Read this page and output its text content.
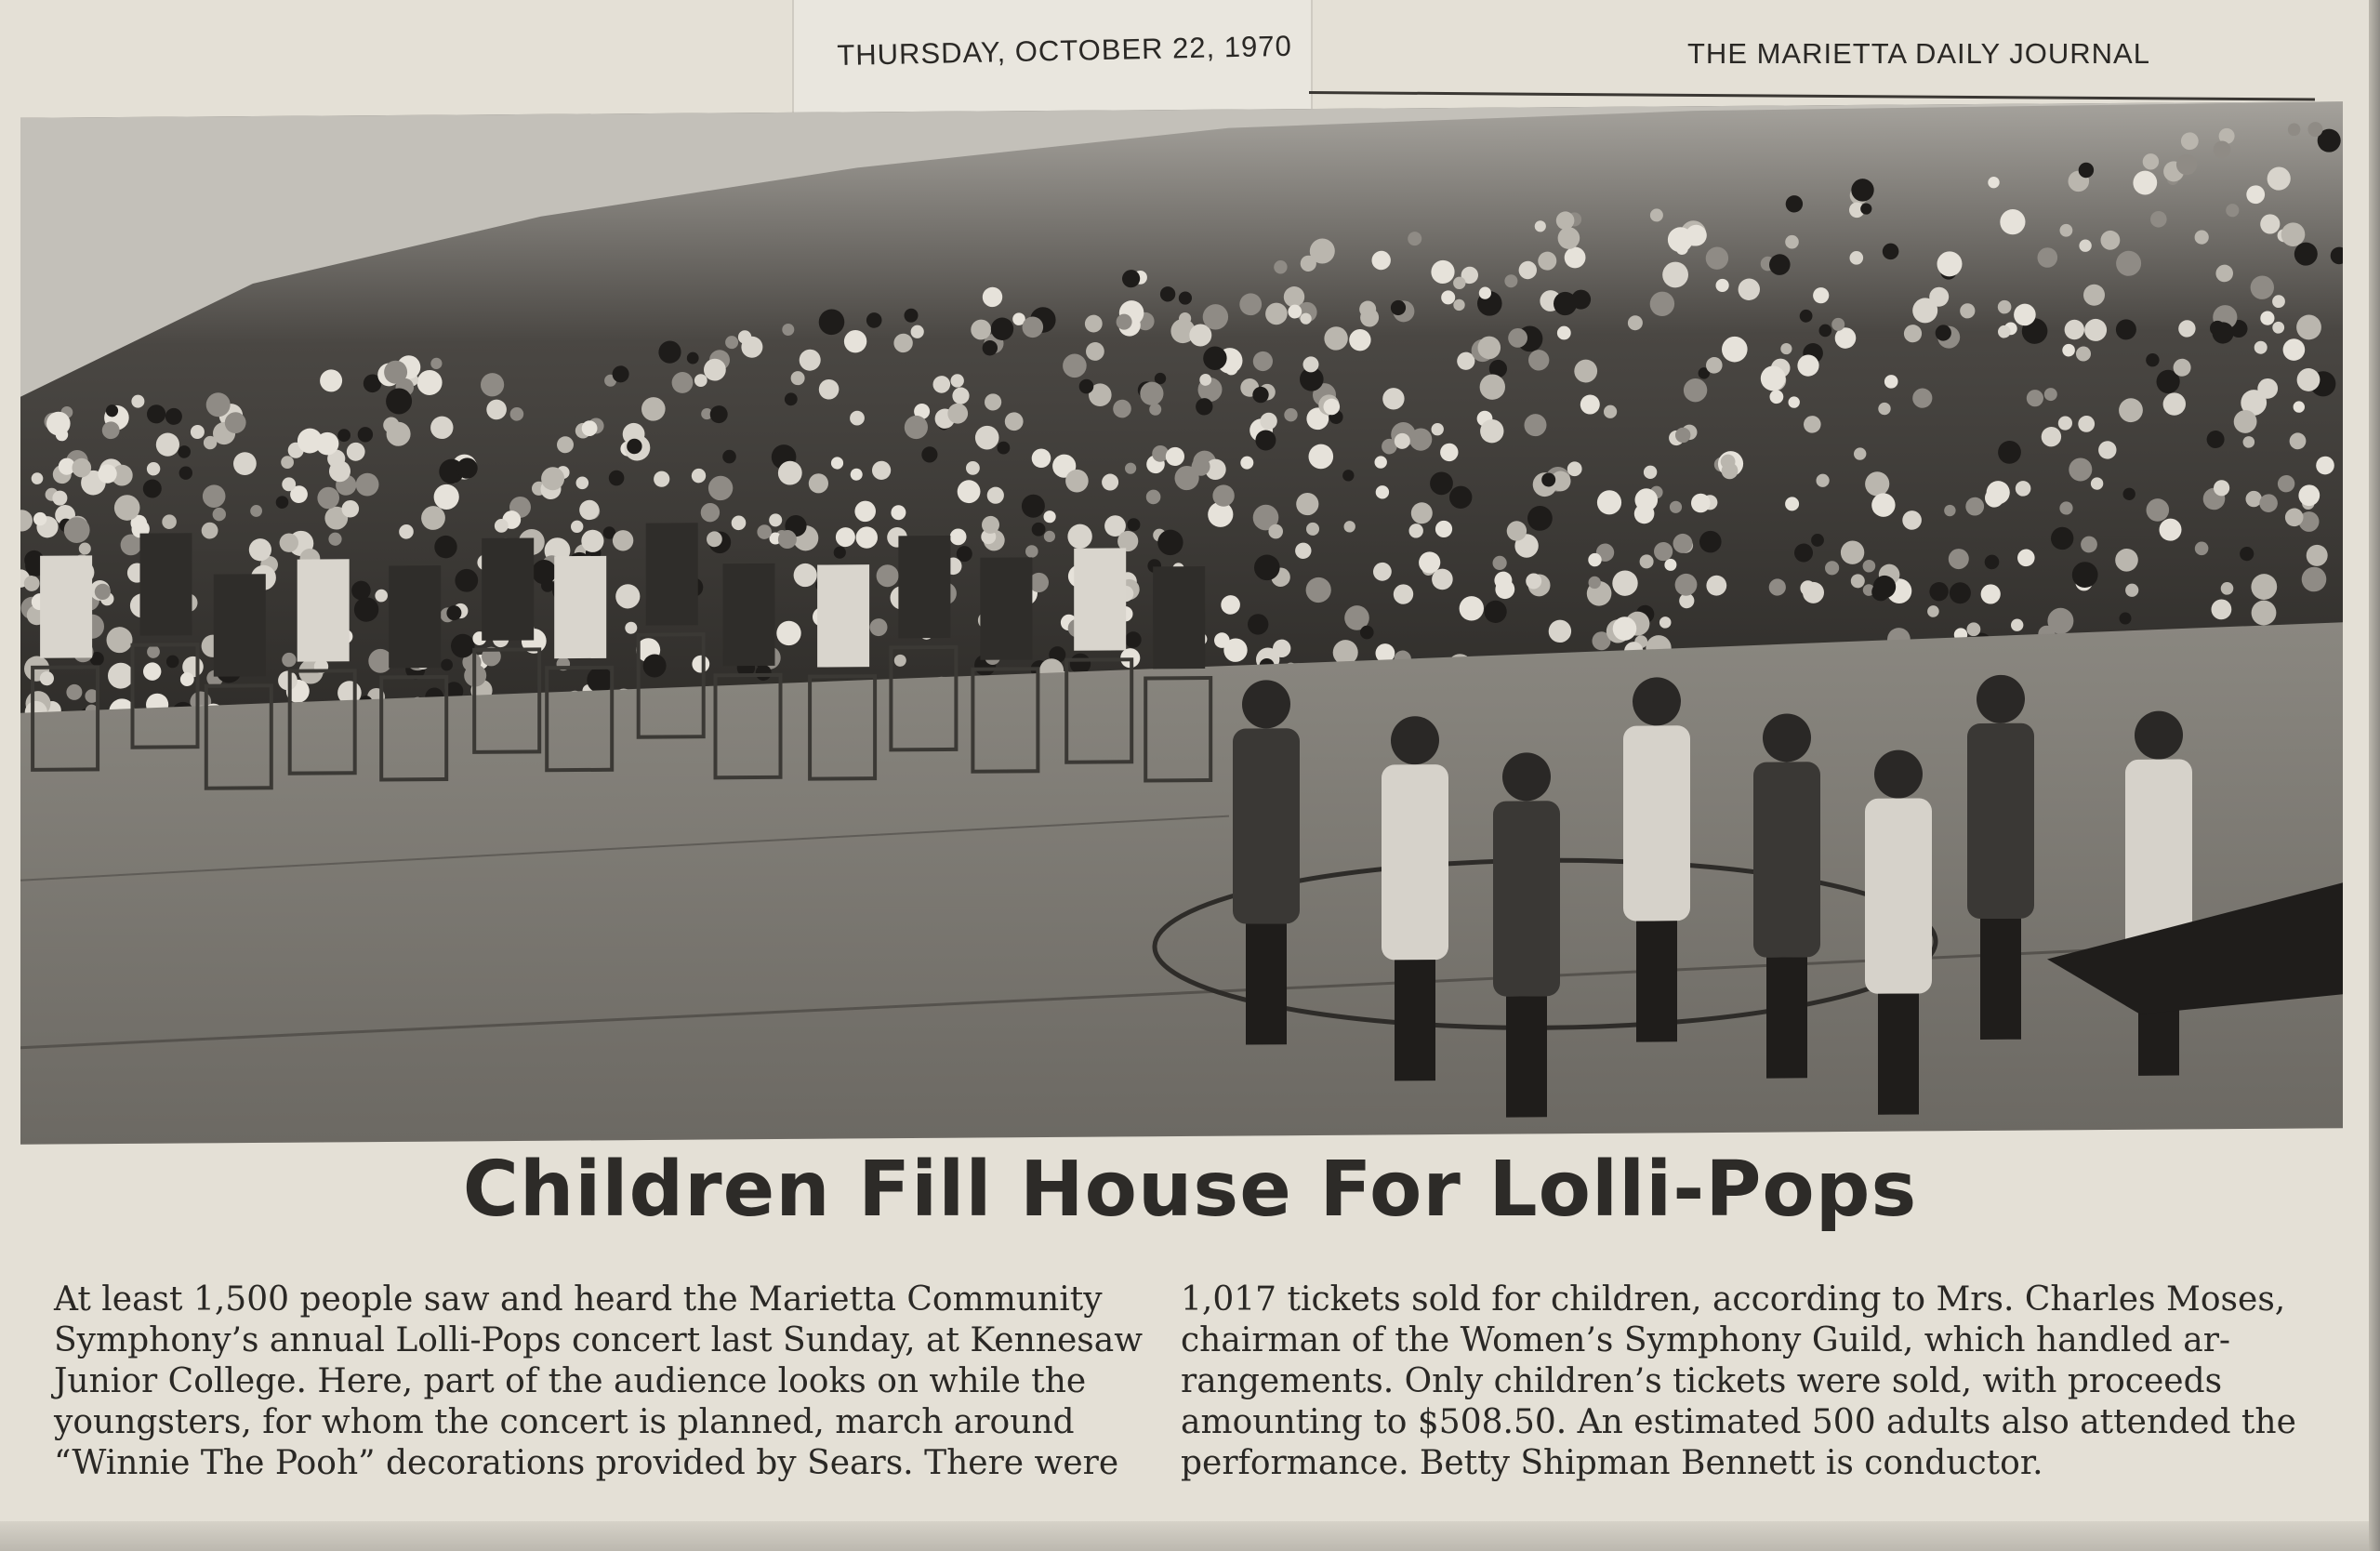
THURSDAY, OCTOBER 22, 1970	THE MARIETTA DAILY JOURNAL
Children Fill House For Lolli-Pops

At least 1,500 people saw and heard the Marietta Community

Symphony’s annual Lolli-Pops concert last Sunday, at Kennesaw

Junior College. Here, part of the audience looks on while the

youngsters, for whom the concert is planned, march around

“Winnie The Pooh” decorations provided by Sears. There were

1,017 tickets sold for children, according to Mrs. Charles Moses,

chairman of the Women’s Symphony Guild, which handled ar-

rangements. Only children’s tickets were sold, with proceeds

amounting to $508.50. An estimated 500 adults also attended the

performance. Betty Shipman Bennett is conductor.
